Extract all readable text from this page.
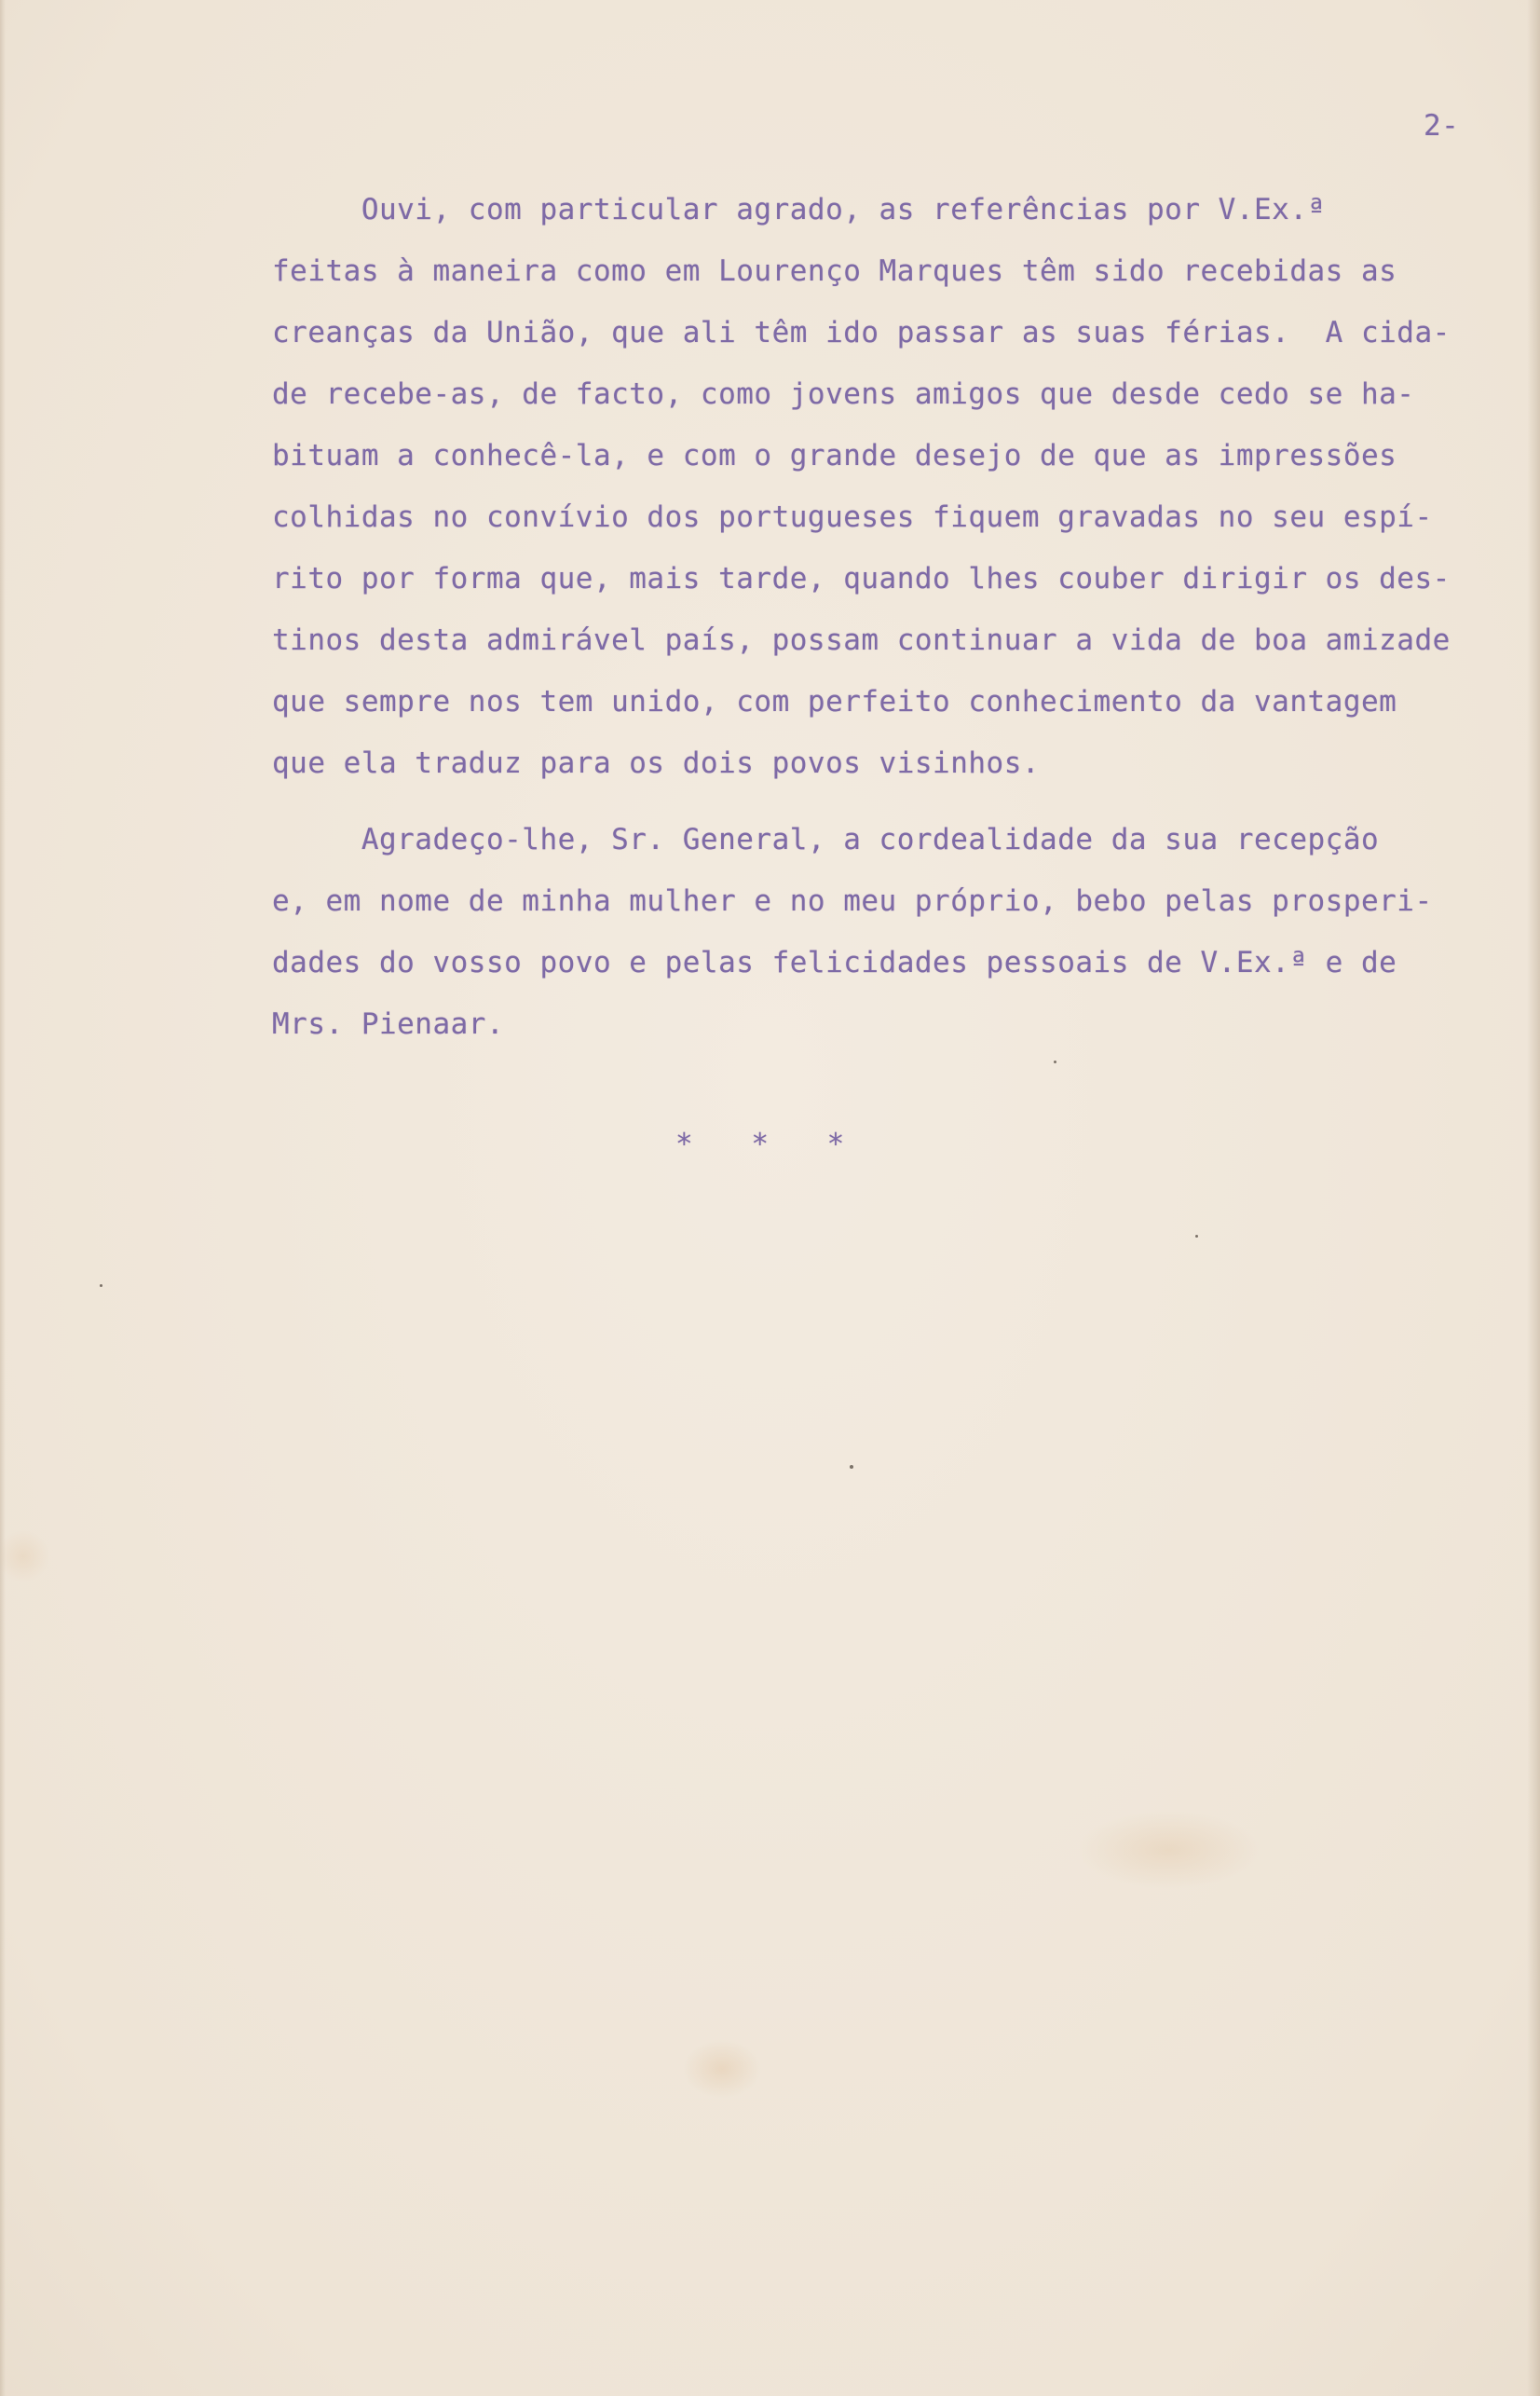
2-
Ouvi, com particular agrado, as referências por V.Ex.ª
feitas à maneira como em Lourenço Marques têm sido recebidas as
creanças da União, que ali têm ido passar as suas férias.  A cida-
de recebe-as, de facto, como jovens amigos que desde cedo se ha-
bituam a conhecê-la, e com o grande desejo de que as impressões
colhidas no convívio dos portugueses fiquem gravadas no seu espí-
rito por forma que, mais tarde, quando lhes couber dirigir os des-
tinos desta admirável país, possam continuar a vida de boa amizade
que sempre nos tem unido, com perfeito conhecimento da vantagem
que ela traduz para os dois povos visinhos.
Agradeço-lhe, Sr. General, a cordealidade da sua recepção
e, em nome de minha mulher e no meu próprio, bebo pelas prosperi-
dades do vosso povo e pelas felicidades pessoais de V.Ex.ª e de
Mrs. Pienaar.
* * *
